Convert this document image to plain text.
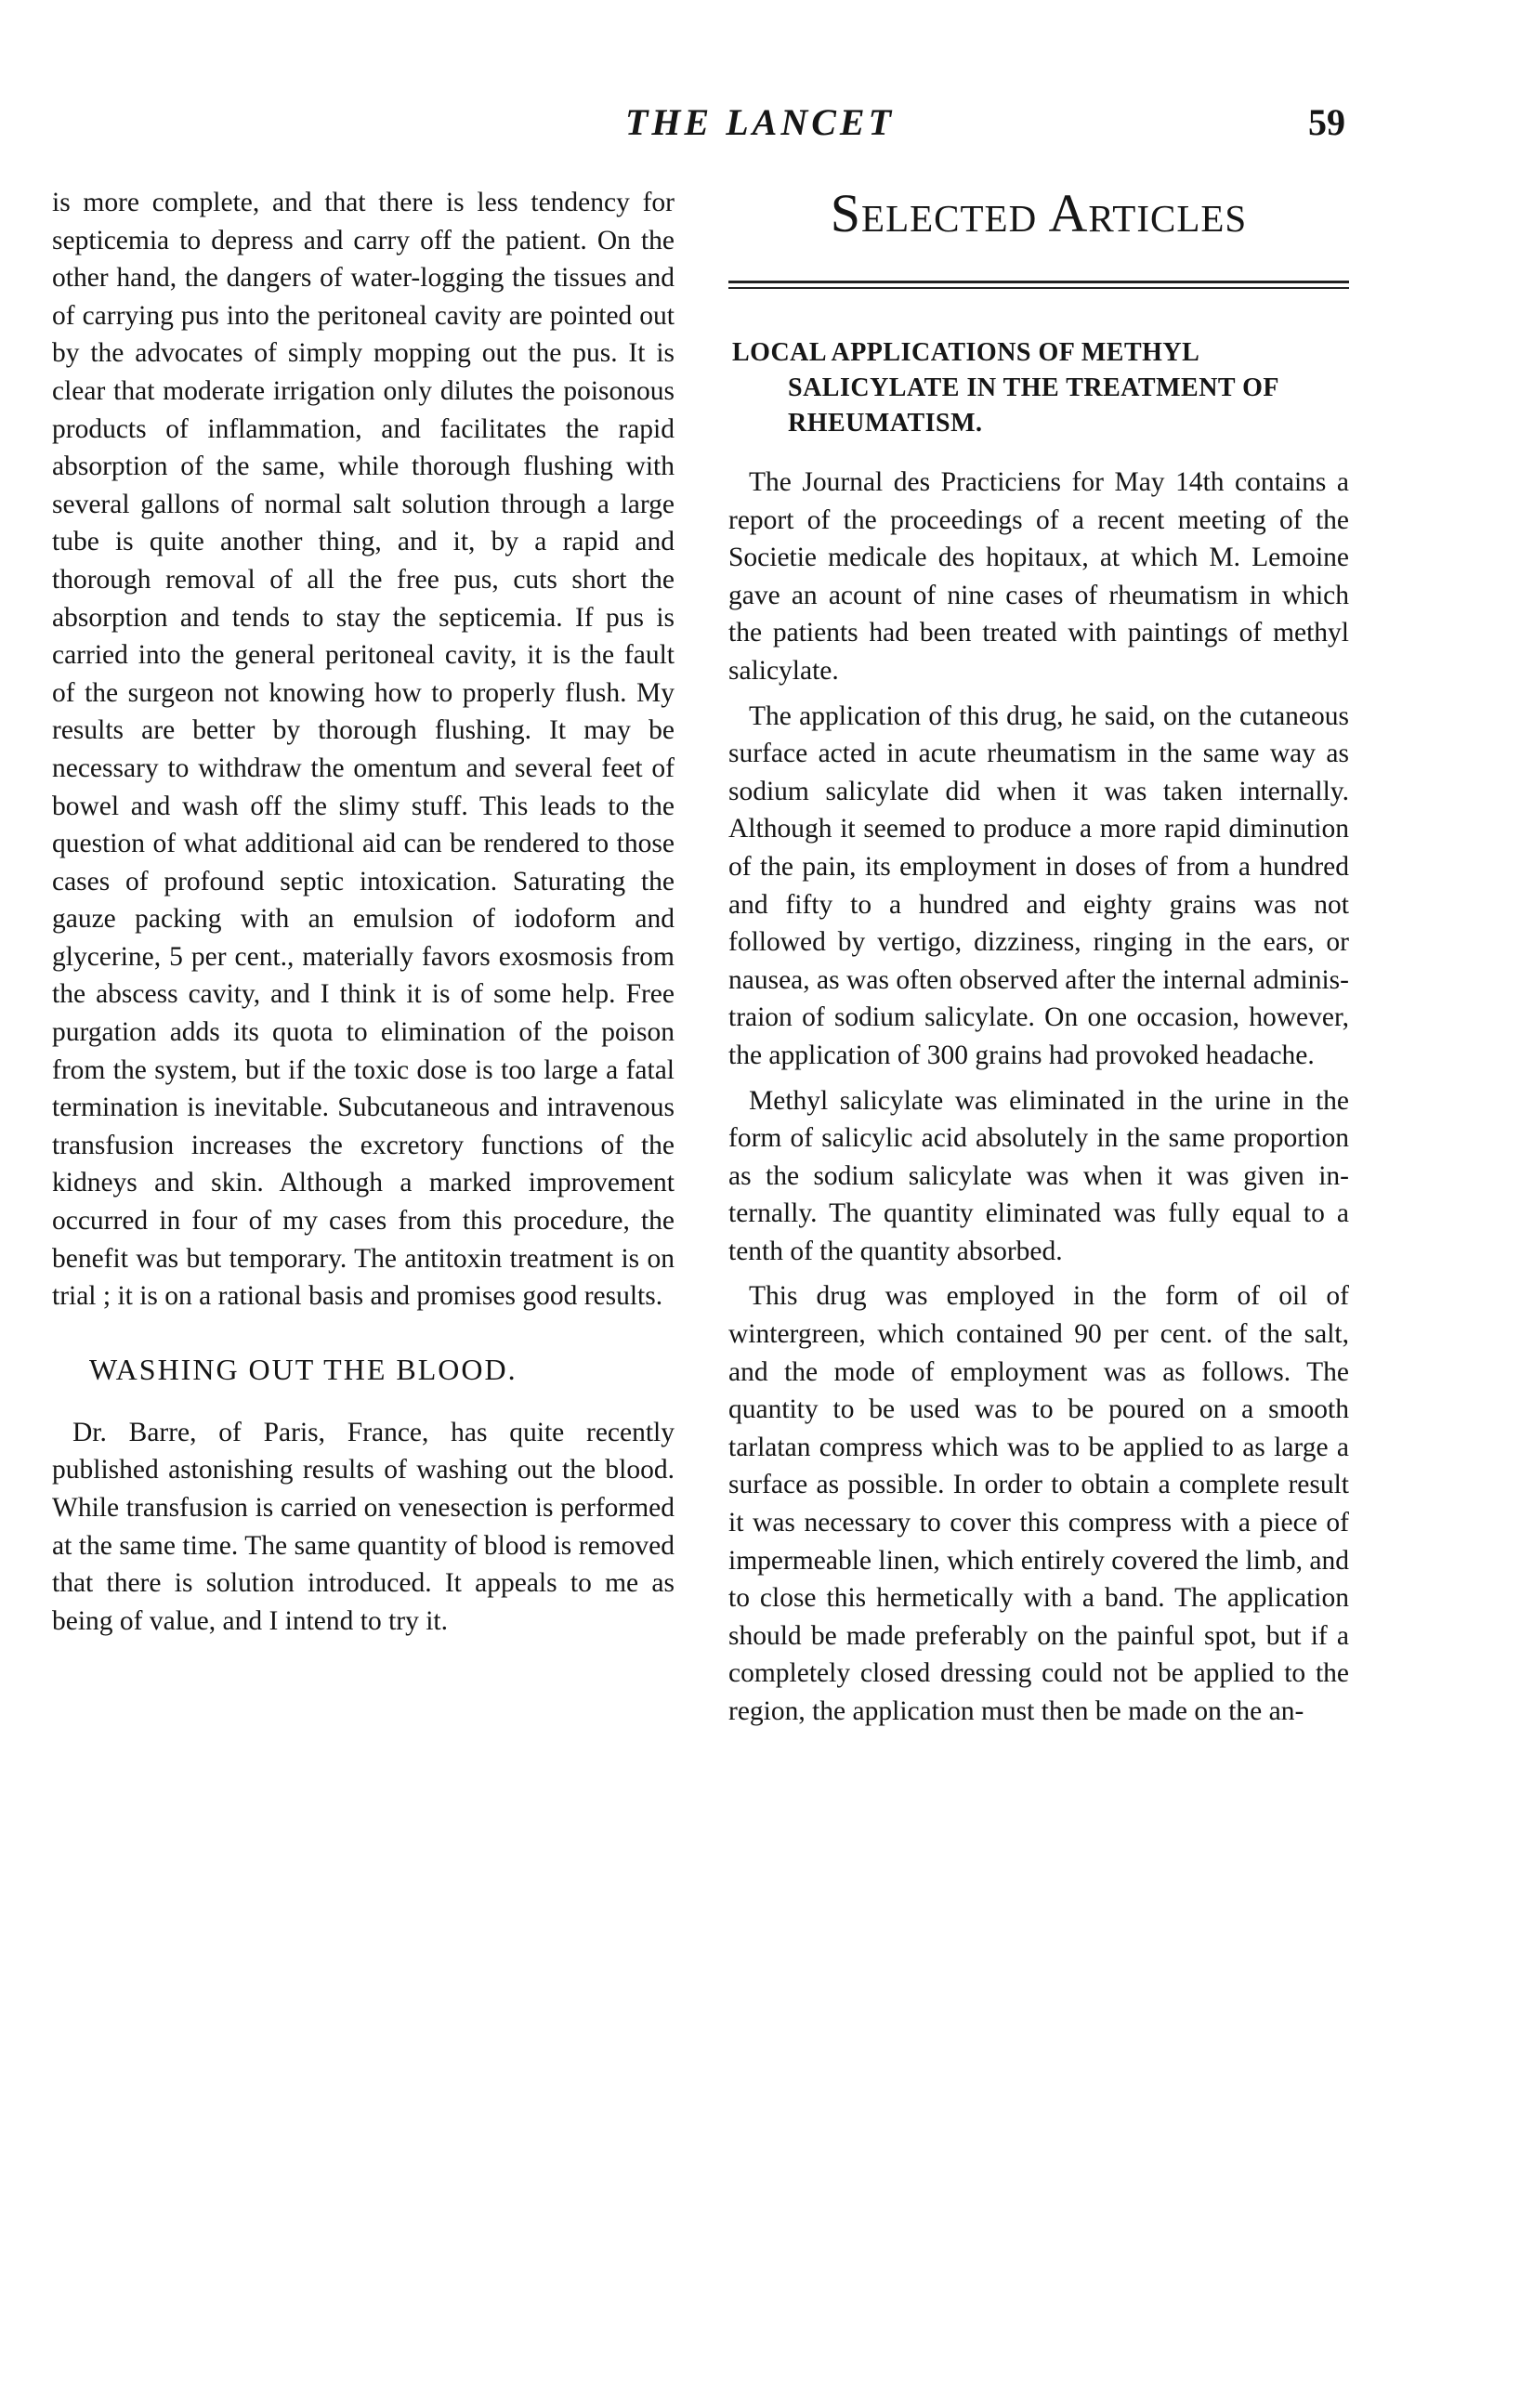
THE LANCET	59

is more complete, and that there is less tendency for septicemia to depress and carry off the patient. On the other hand, the dangers of water-logging the tissues and of carrying pus into the peritoneal cavity are pointed out by the advocates of simply mopping out the pus. It is clear that moderate irrigation only dilutes the poisonous products of inflammation, and facilitates the rapid absorption of the same, while thorough flushing with several gallons of normal salt solution through a large tube is quite another thing, and it, by a rapid and thorough removal of all the free pus, cuts short the absorption and tends to stay the septicemia. If pus is carried into the general peritoneal cavity, it is the fault of the surgeon not knowing how to properly flush. My results are better by thorough flushing. It may be necessary to withdraw the omentum and several feet of bowel and wash off the slimy stuff. This leads to the question of what additional aid can be rendered to those cases of profound septic intoxication. Saturating the gauze packing with an emulsion of iodoform and glycerine, 5 per cent., materially favors exosmosis from the abscess cavity, and I think it is of some help. Free purgation adds its quota to elimination of the poison from the system, but if the toxic dose is too large a fatal termination is inevitable. Subcutaneous and intravenous transfusion increases the excretory functions of the kidneys and skin. Although a marked improvement occurred in four of my cases from this procedure, the benefit was but temporary. The antitoxin treatment is on trial ; it is on a rational basis and promises good results.

WASHING OUT THE BLOOD.

Dr. Barre, of Paris, France, has quite recently published astonishing results of washing out the blood. While transfusion is carried on venesection is performed at the same time. The same quantity of blood is removed that there is solution introduced. It appeals to me as being of value, and I intend to try it.

Selected Articles
LOCAL APPLICATIONS OF METHYL SALICYLATE IN THE TREATMENT OF RHEUMATISM.

The Journal des Practiciens for May 14th contains a report of the proceedings of a recent meeting of the Societie medicale des hopitaux, at which M. Lemoine gave an acount of nine cases of rheumatism in which the patients had been treated with paintings of methyl salicylate.

The application of this drug, he said, on the cutaneous surface acted in acute rheumatism in the same way as sodium salicylate did when it was taken internally. Although it seemed to produce a more rapid diminution of the pain, its employment in doses of from a hundred and fifty to a hundred and eighty grains was not followed by vertigo, dizziness, ringing in the ears, or nausea, as was often observed after the internal administraion of sodium salicylate. On one occasion, however, the application of 300 grains had provoked headache.

Methyl salicylate was eliminated in the urine in the form of salicylic acid absolutely in the same proportion as the sodium salicylate was when it was given internally. The quantity eliminated was fully equal to a tenth of the quantity absorbed.

This drug was employed in the form of oil of wintergreen, which contained 90 per cent. of the salt, and the mode of employment was as follows. The quantity to be used was to be poured on a smooth tarlatan compress which was to be applied to as large a surface as possible. In order to obtain a complete result it was necessary to cover this compress with a piece of impermeable linen, which entirely covered the limb, and to close this hermetically with a band. The application should be made preferably on the painful spot, but if a completely closed dressing could not be applied to the region, the application must then be made on the an-
